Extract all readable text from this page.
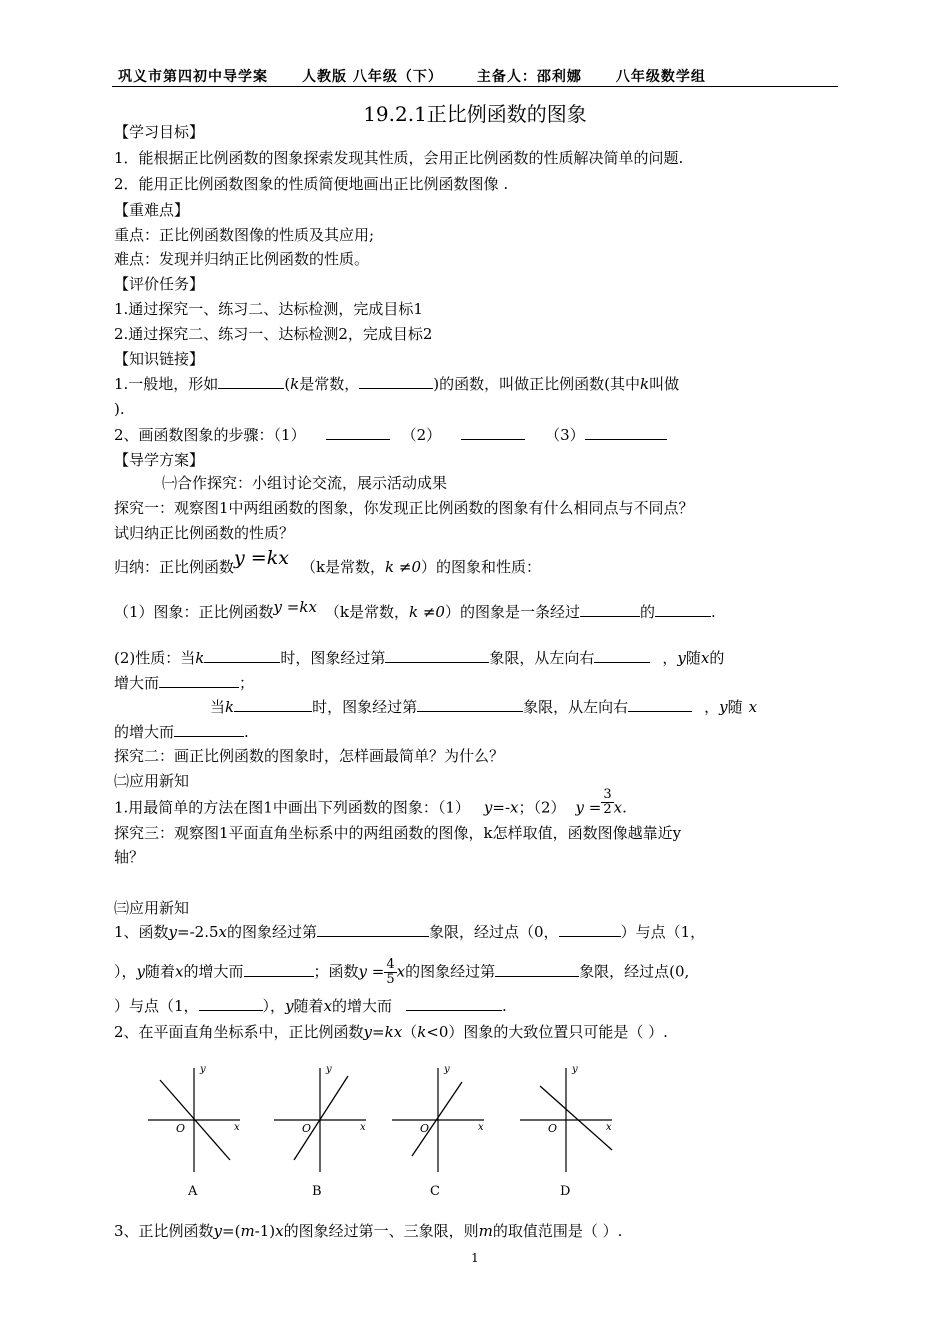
巩义市第四初中导学案 人教版 八年级（下） 主备人：邵利娜 八年级数学组
19.2.1正比例函数的图象
【学习目标】
1．能根据正比例函数的图象探索发现其性质，会用正比例函数的性质解决简单的问题.
2．能用正比例函数图象的性质简便地画出正比例函数图像 .
【重难点】
重点：正比例函数图像的性质及其应用;
难点：发现并归纳正比例函数的性质。
【评价任务】
1.通过探究一、练习二、达标检测，完成目标1
2.通过探究二、练习一、达标检测2，完成目标2
【知识链接】
1.一般地，形如	(k是常数，	)的函数，叫做正比例函数(其中k叫做
).
2、画函数图象的步骤：（1）	（2）	（3）
【导学方案】
㈠合作探究：小组讨论交流，展示活动成果
探究一：观察图1中两组函数的图象，你发现正比例函数的图象有什么相同点与不同点？
试归纳正比例函数的性质？
归纳：正比例函数y =kx （k是常数，k ≠0）的图象和性质：
（1）图象：正比例函数y =kx （k是常数，k ≠0）的图象是一条经过	的	.
(2)性质：当k	时，图象经过第	象限，从左向右	，y随x的
增大而	；
当k	时，图象经过第	象限，从左向右	，y随 x
的增大而	.
探究二：画正比例函数的图象时，怎样画最简单？为什么？
㈡应用新知
1.用最简单的方法在图1中画出下列函数的图象：（1） y=-x；（2） $y = \frac{3}{2} x$.
探究三：观察图1平面直角坐标系中的两组函数的图像，k怎样取值，函数图像越靠近y
轴？
㈢应用新知
1、函数y=-2.5x的图象经过第	象限，经过点（0，	）与点（1，
），y随着x的增大而	；函数$y = \frac{4}{5}$ x的图象经过第	象限，经过点(0,
）与点（1，	），y随着x的增大而	.
2、在平面直角坐标系中，正比例函数y=kx（k<0）图象的大致位置只可能是（ ）.
y
x
O
A
y
x
O
B
y
x
O
C
y
x
O
D
3、正比例函数y=(m-1)x的图象经过第一、三象限，则m的取值范围是（ ）.
1
